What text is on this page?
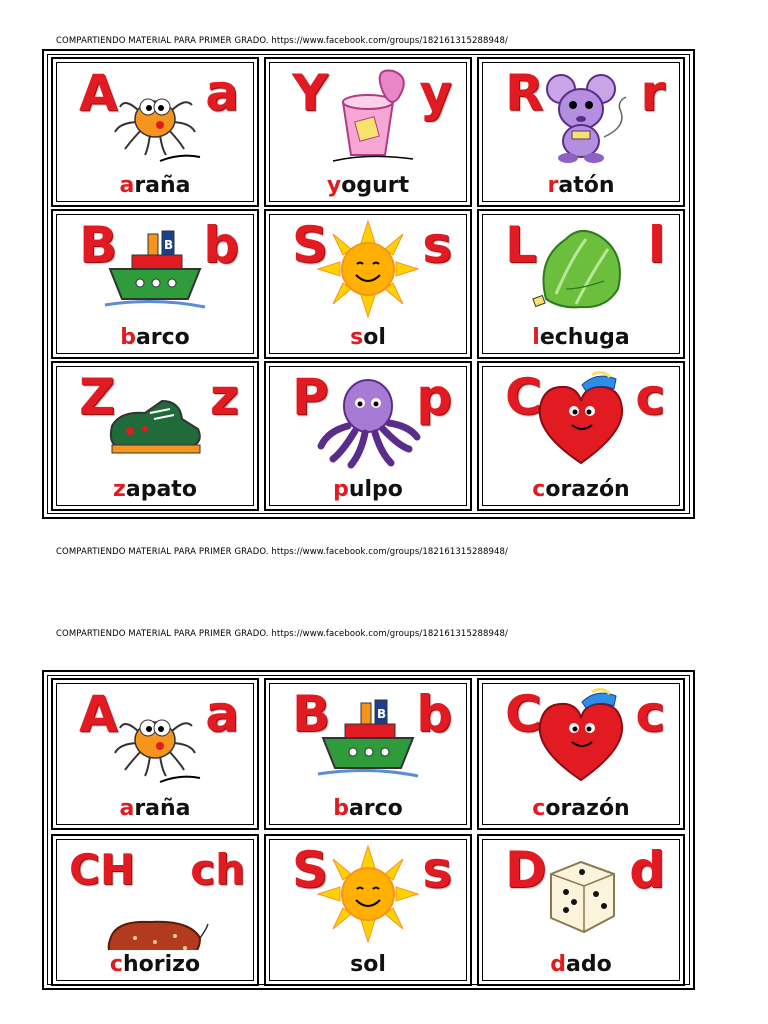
COMPARTIENDO MATERIAL PARA PRIMER GRADO. https://www.facebook.com/groups/182161315288948/
COMPARTIENDO MATERIAL PARA PRIMER GRADO. https://www.facebook.com/groups/182161315288948/
COMPARTIENDO MATERIAL PARA PRIMER GRADO. https://www.facebook.com/groups/182161315288948/
A a
araña
Y y
yogurt
R r
ratón
B
B b
barco
S s
sol
L l
lechuga
Z z
zapato
P p
pulpo
C c
corazón
A a
araña
B
B b
barco
C c
corazón
CH ch
chorizo
S s
sol
D d
dado
